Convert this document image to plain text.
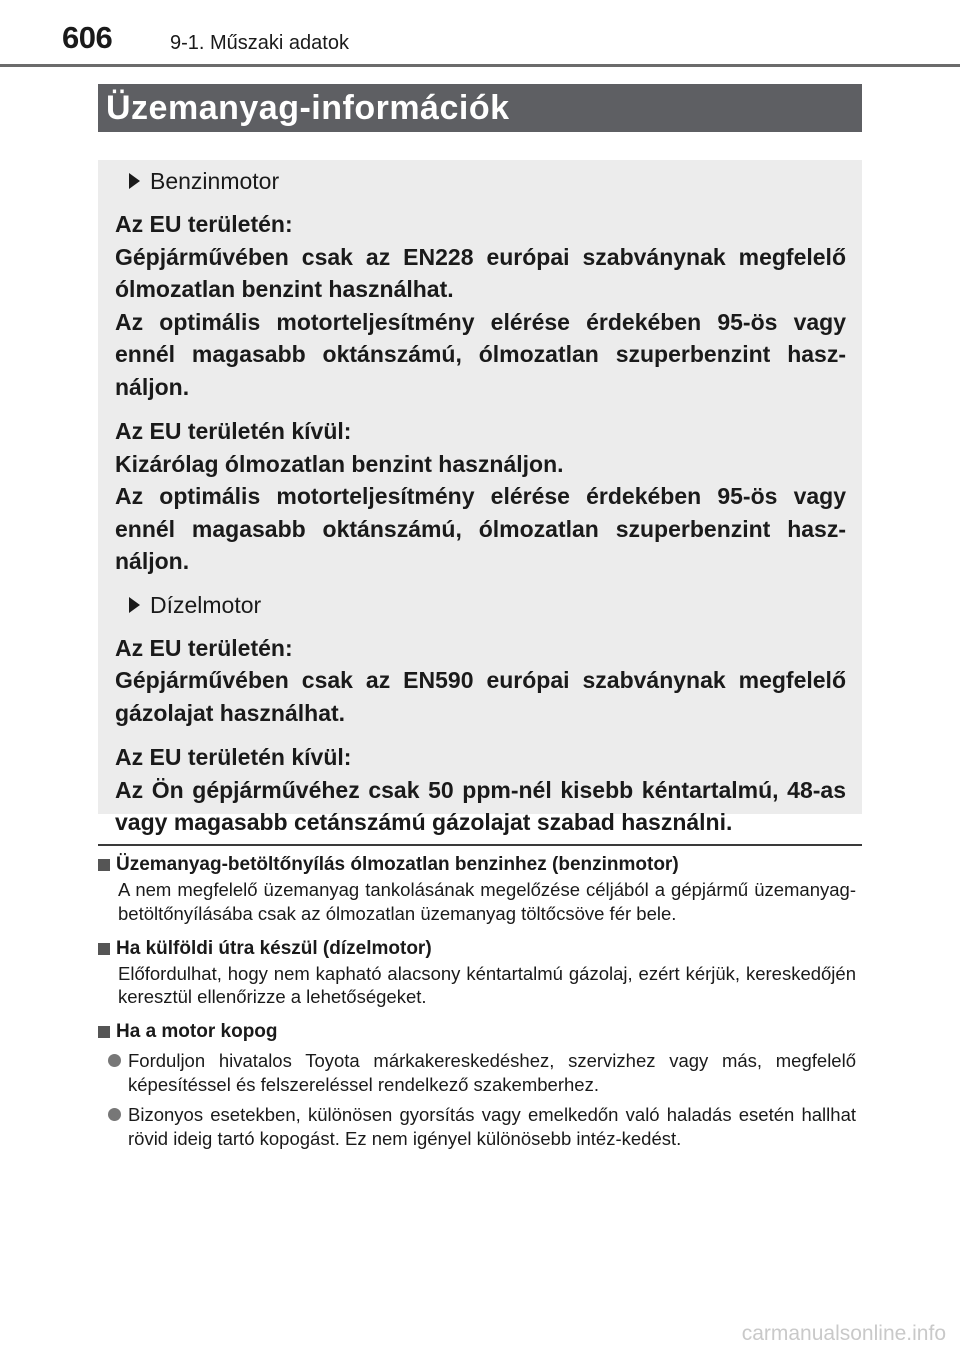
606	9-1. Műszaki adatok
Üzemanyag-információk
Benzinmotor

Az EU területén:

Gépjárművében csak az EN228 európai szabványnak megfelelő ólmozatlan benzint használhat.

Az optimális motorteljesítmény elérése érdekében 95-ös vagy ennél magasabb oktánszámú, ólmozatlan szuperbenzint hasz-náljon.

Az EU területén kívül:

Kizárólag ólmozatlan benzint használjon.

Az optimális motorteljesítmény elérése érdekében 95-ös vagy ennél magasabb oktánszámú, ólmozatlan szuperbenzint hasz-náljon.

Dízelmotor

Az EU területén:

Gépjárművében csak az EN590 európai szabványnak megfelelő gázolajat használhat.

Az EU területén kívül:

Az Ön gépjárművéhez csak 50 ppm-nél kisebb kéntartalmú, 48-as vagy magasabb cetánszámú gázolajat szabad használni.

Üzemanyag-betöltőnyílás ólmozatlan benzinhez (benzinmotor)

A nem megfelelő üzemanyag tankolásának megelőzése céljából a gépjármű üzemanyag-betöltőnyílásába csak az ólmozatlan üzemanyag töltőcsöve fér bele.

Ha külföldi útra készül (dízelmotor)

Előfordulhat, hogy nem kapható alacsony kéntartalmú gázolaj, ezért kérjük, kereskedőjén keresztül ellenőrizze a lehetőségeket.

Ha a motor kopog
Forduljon hivatalos Toyota márkakereskedéshez, szervizhez vagy más, megfelelő képesítéssel és felszereléssel rendelkező szakemberhez.
Bizonyos esetekben, különösen gyorsítás vagy emelkedőn való haladás esetén hallhat rövid ideig tartó kopogást. Ez nem igényel különösebb intéz-kedést.
carmanualsonline.info
